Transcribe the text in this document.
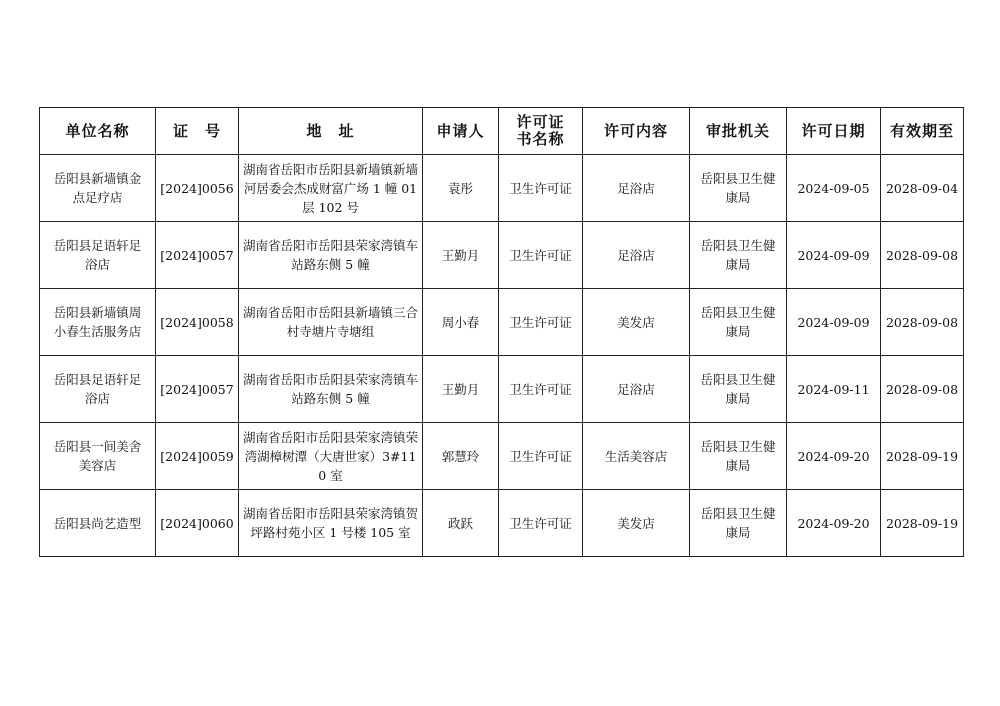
单位名称	证　号	地　址	申请人	许可证书名称	许可内容	审批机关	许可日期	有效期至
岳阳县新墙镇金点足疗店	[2024]0056	湖南省岳阳市岳阳县新墙镇新墙河居委会杰成财富广场 1 幢 01 层 102 号	袁彤	卫生许可证	足浴店	岳阳县卫生健康局	2024-09-05	2028-09-04
岳阳县足语轩足浴店	[2024]0057	湖南省岳阳市岳阳县荣家湾镇车站路东侧 5 幢	王勤月	卫生许可证	足浴店	岳阳县卫生健康局	2024-09-09	2028-09-08
岳阳县新墙镇周小春生活服务店	[2024]0058	湖南省岳阳市岳阳县新墙镇三合村寺塘片寺塘组	周小春	卫生许可证	美发店	岳阳县卫生健康局	2024-09-09	2028-09-08
岳阳县足语轩足浴店	[2024]0057	湖南省岳阳市岳阳县荣家湾镇车站路东侧 5 幢	王勤月	卫生许可证	足浴店	岳阳县卫生健康局	2024-09-11	2028-09-08
岳阳县一间美舍美容店	[2024]0059	湖南省岳阳市岳阳县荣家湾镇荣湾湖樟树潭（大唐世家）3#110 室	郭慧玲	卫生许可证	生活美容店	岳阳县卫生健康局	2024-09-20	2028-09-19
岳阳县尚艺造型	[2024]0060	湖南省岳阳市岳阳县荣家湾镇贺坪路村苑小区 1 号楼 105 室	政跃	卫生许可证	美发店	岳阳县卫生健康局	2024-09-20	2028-09-19
